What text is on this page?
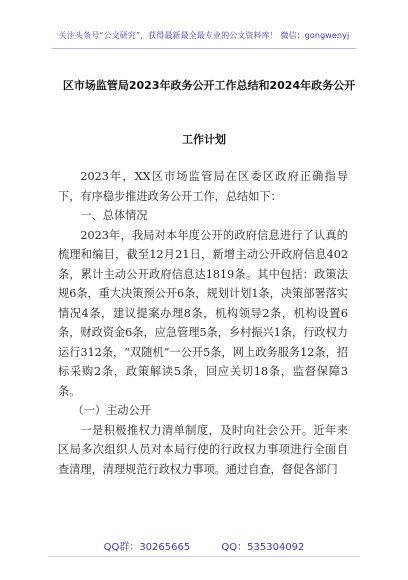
关注头条号“公文研究”，获得最新最全最专业的公文资料库！ 微信：gongwenyj
区市场监管局2023年政务公开工作总结和2024年政务公开
工作计划

2023年，XX区市场监管局在区委区政府正确指导下，有序稳步推进政务公开工作，总结如下：

一、总体情况

2023年，我局对本年度公开的政府信息进行了认真的梳理和编目，截至12月21日，新增主动公开政府信息402条，累计主动公开政府信息达1819条。其中包括：政策法规6条，重大决策预公开6条，规划计划1条，决策部署落实情况4条，建议提案办理8条，机构领导2条，机构设置6条，财政资金6条，应急管理5条，乡村振兴1条，行政权力运行312条，“双随机”一公开5条，网上政务服务12条，招标采购2条，政策解读5条，回应关切18条，监督保障3条。

（一）主动公开

一是积极推权力清单制度，及时向社会公开。近年来区局多次组织人员对本局行使的行政权力事项进行全面自查清理，清理规范行政权力事项。通过自查，督促各部门

QQ群：30265665	QQ：535304092
